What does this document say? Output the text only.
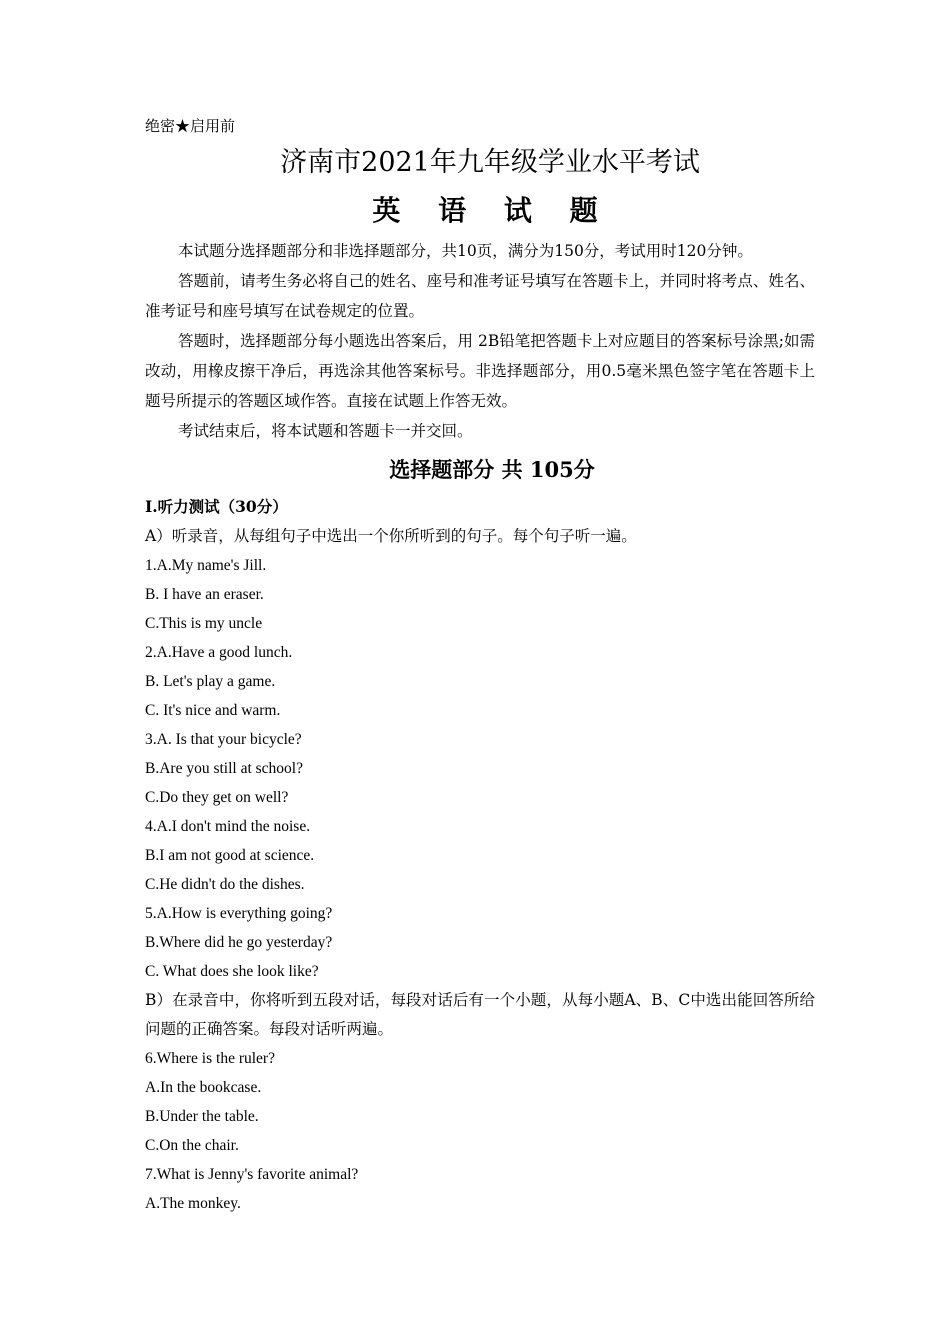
绝密★启用前
济南市2021年九年级学业水平考试
英 语 试 题
本试题分选择题部分和非选择题部分，共10页，满分为150分，考试用时120分钟。
答题前，请考生务必将自己的姓名、座号和准考证号填写在答题卡上，并同时将考点、姓名、准考证号和座号填写在试卷规定的位置。
答题时，选择题部分每小题选出答案后，用 2B铅笔把答题卡上对应题目的答案标号涂黑;如需改动，用橡皮擦干净后，再选涂其他答案标号。非选择题部分，用0.5毫米黑色签字笔在答题卡上题号所提示的答题区域作答。直接在试题上作答无效。
考试结束后，将本试题和答题卡一并交回。
选择题部分 共 105分
I.听力测试（30分）
A）听录音，从每组句子中选出一个你所听到的句子。每个句子听一遍。
1.A.My name's Jill.
B. I have an eraser.
C.This is my uncle
2.A.Have a good lunch.
B. Let's play a game.
C. It's nice and warm.
3.A. Is that your bicycle?
B.Are you still at school?
C.Do they get on well?
4.A.I don't mind the noise.
B.I am not good at science.
C.He didn't do the dishes.
5.A.How is everything going?
B.Where did he go yesterday?
C. What does she look like?
B）在录音中，你将听到五段对话，每段对话后有一个小题，从每小题A、B、C中选出能回答所给问题的正确答案。每段对话听两遍。
6.Where is the ruler?
A.In the bookcase.
B.Under the table.
C.On the chair.
7.What is Jenny's favorite animal?
A.The monkey.
